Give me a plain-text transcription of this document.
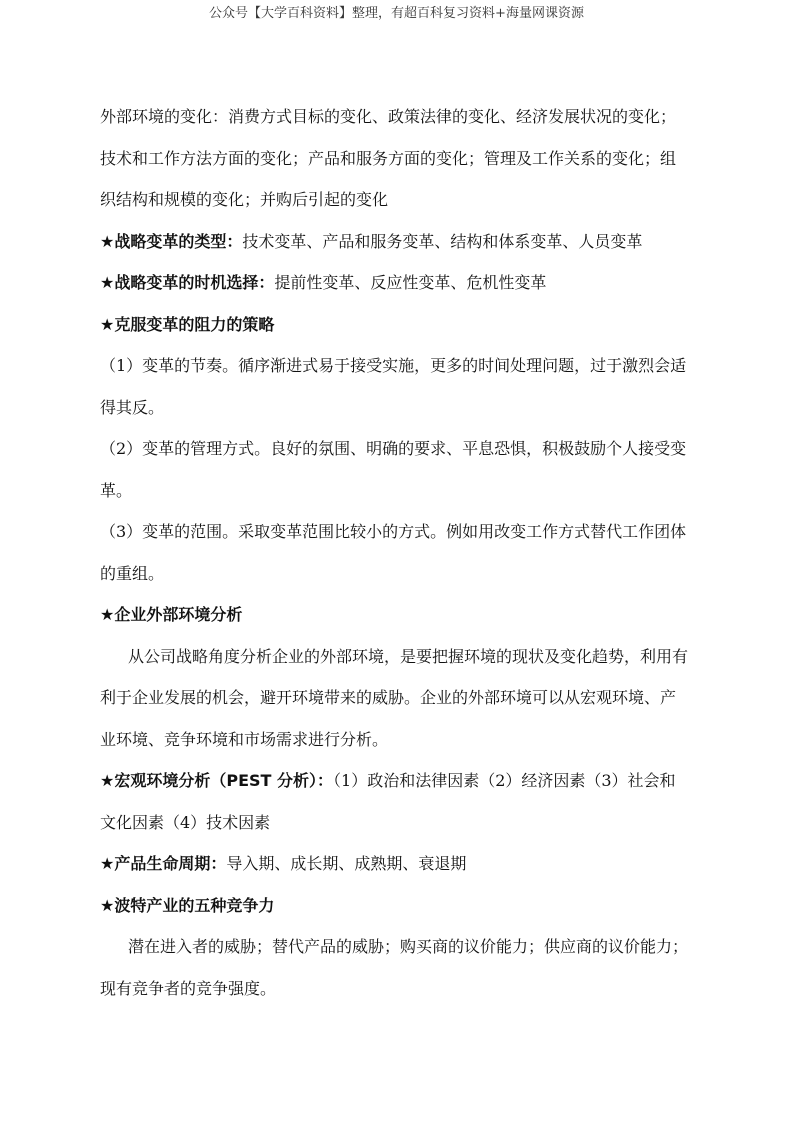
公众号【大学百科资料】整理，有超百科复习资料+海量网课资源

外部环境的变化：消费方式目标的变化、政策法律的变化、经济发展状况的变化；技术和工作方法方面的变化；产品和服务方面的变化；管理及工作关系的变化；组织结构和规模的变化；并购后引起的变化

★战略变革的类型：技术变革、产品和服务变革、结构和体系变革、人员变革

★战略变革的时机选择：提前性变革、反应性变革、危机性变革

★克服变革的阻力的策略

（1）变革的节奏。循序渐进式易于接受实施，更多的时间处理问题，过于激烈会适得其反。

（2）变革的管理方式。良好的氛围、明确的要求、平息恐惧，积极鼓励个人接受变革。

（3）变革的范围。采取变革范围比较小的方式。例如用改变工作方式替代工作团体的重组。

★企业外部环境分析

从公司战略角度分析企业的外部环境，是要把握环境的现状及变化趋势，利用有利于企业发展的机会，避开环境带来的威胁。企业的外部环境可以从宏观环境、产业环境、竞争环境和市场需求进行分析。

★宏观环境分析（PEST 分析）：（1）政治和法律因素（2）经济因素（3）社会和文化因素（4）技术因素

★产品生命周期：导入期、成长期、成熟期、衰退期

★波特产业的五种竞争力

潜在进入者的威胁；替代产品的威胁；购买商的议价能力；供应商的议价能力；现有竞争者的竞争强度。
